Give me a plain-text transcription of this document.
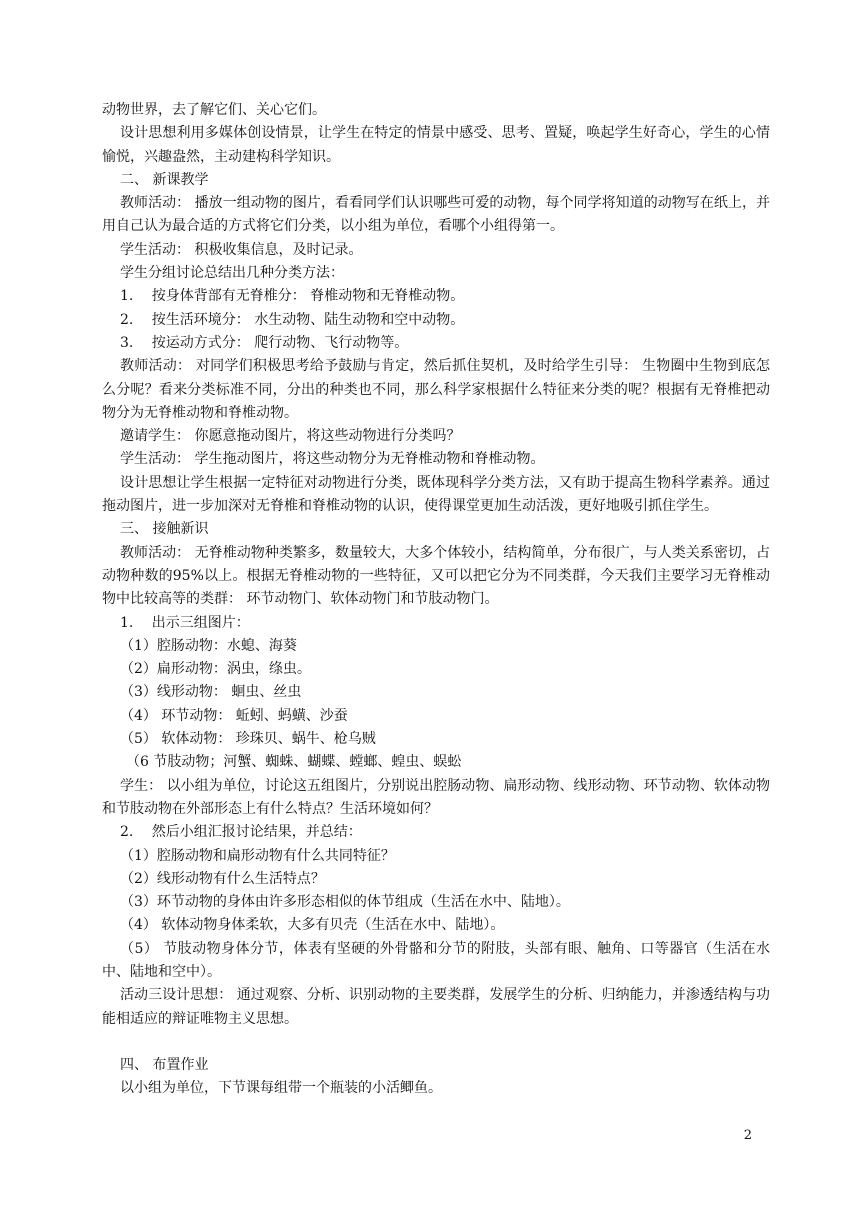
动物世界，去了解它们、关心它们。

设计思想利用多媒体创设情景，让学生在特定的情景中感受、思考、置疑，唤起学生好奇心，学生的心情愉悦，兴趣盎然，主动建构科学知识。

二、 新课教学

教师活动： 播放一组动物的图片，看看同学们认识哪些可爱的动物，每个同学将知道的动物写在纸上，并用自己认为最合适的方式将它们分类，以小组为单位，看哪个小组得第一。

学生活动： 积极收集信息，及时记录。

学生分组讨论总结出几种分类方法：

1.　 按身体背部有无脊椎分： 脊椎动物和无脊椎动物。

2.　 按生活环境分： 水生动物、陆生动物和空中动物。

3.　 按运动方式分： 爬行动物、飞行动物等。

教师活动： 对同学们积极思考给予鼓励与肯定，然后抓住契机，及时给学生引导： 生物圈中生物到底怎么分呢？看来分类标准不同，分出的种类也不同，那么科学家根据什么特征来分类的呢？根据有无脊椎把动物分为无脊椎动物和脊椎动物。

邀请学生： 你愿意拖动图片，将这些动物进行分类吗？

学生活动： 学生拖动图片，将这些动物分为无脊椎动物和脊椎动物。

设计思想让学生根据一定特征对动物进行分类，既体现科学分类方法，又有助于提高生物科学素养。通过拖动图片，进一步加深对无脊椎和脊椎动物的认识，使得课堂更加生动活泼，更好地吸引抓住学生。

三、 接触新识

教师活动： 无脊椎动物种类繁多，数量较大，大多个体较小，结构简单，分布很广，与人类关系密切，占动物种数的95%以上。根据无脊椎动物的一些特征，又可以把它分为不同类群，今天我们主要学习无脊椎动物中比较高等的类群： 环节动物门、软体动物门和节肢动物门。

1.　 出示三组图片：

（1）腔肠动物：水螅、海葵

（2）扁形动物：涡虫，绦虫。

（3）线形动物： 蛔虫、丝虫

（4） 环节动物： 蚯蚓、蚂蟥、沙蚕

（5） 软体动物： 珍珠贝、蜗牛、枪乌贼

（6 节肢动物；河蟹、蜘蛛、蝴蝶、螳螂、蝗虫、蜈蚣

学生： 以小组为单位，讨论这五组图片，分别说出腔肠动物、扁形动物、线形动物、环节动物、软体动物和节肢动物在外部形态上有什么特点？生活环境如何？

2.　 然后小组汇报讨论结果，并总结：

（1）腔肠动物和扁形动物有什么共同特征？

（2）线形动物有什么生活特点？

（3）环节动物的身体由许多形态相似的体节组成（生活在水中、陆地）。

（4） 软体动物身体柔软，大多有贝壳（生活在水中、陆地）。

（5） 节肢动物身体分节，体表有坚硬的外骨骼和分节的附肢，头部有眼、触角、口等器官（生活在水中、陆地和空中）。

活动三设计思想： 通过观察、分析、识别动物的主要类群，发展学生的分析、归纳能力，并渗透结构与功能相适应的辩证唯物主义思想。

四、 布置作业

以小组为单位，下节课每组带一个瓶装的小活鲫鱼。

2
